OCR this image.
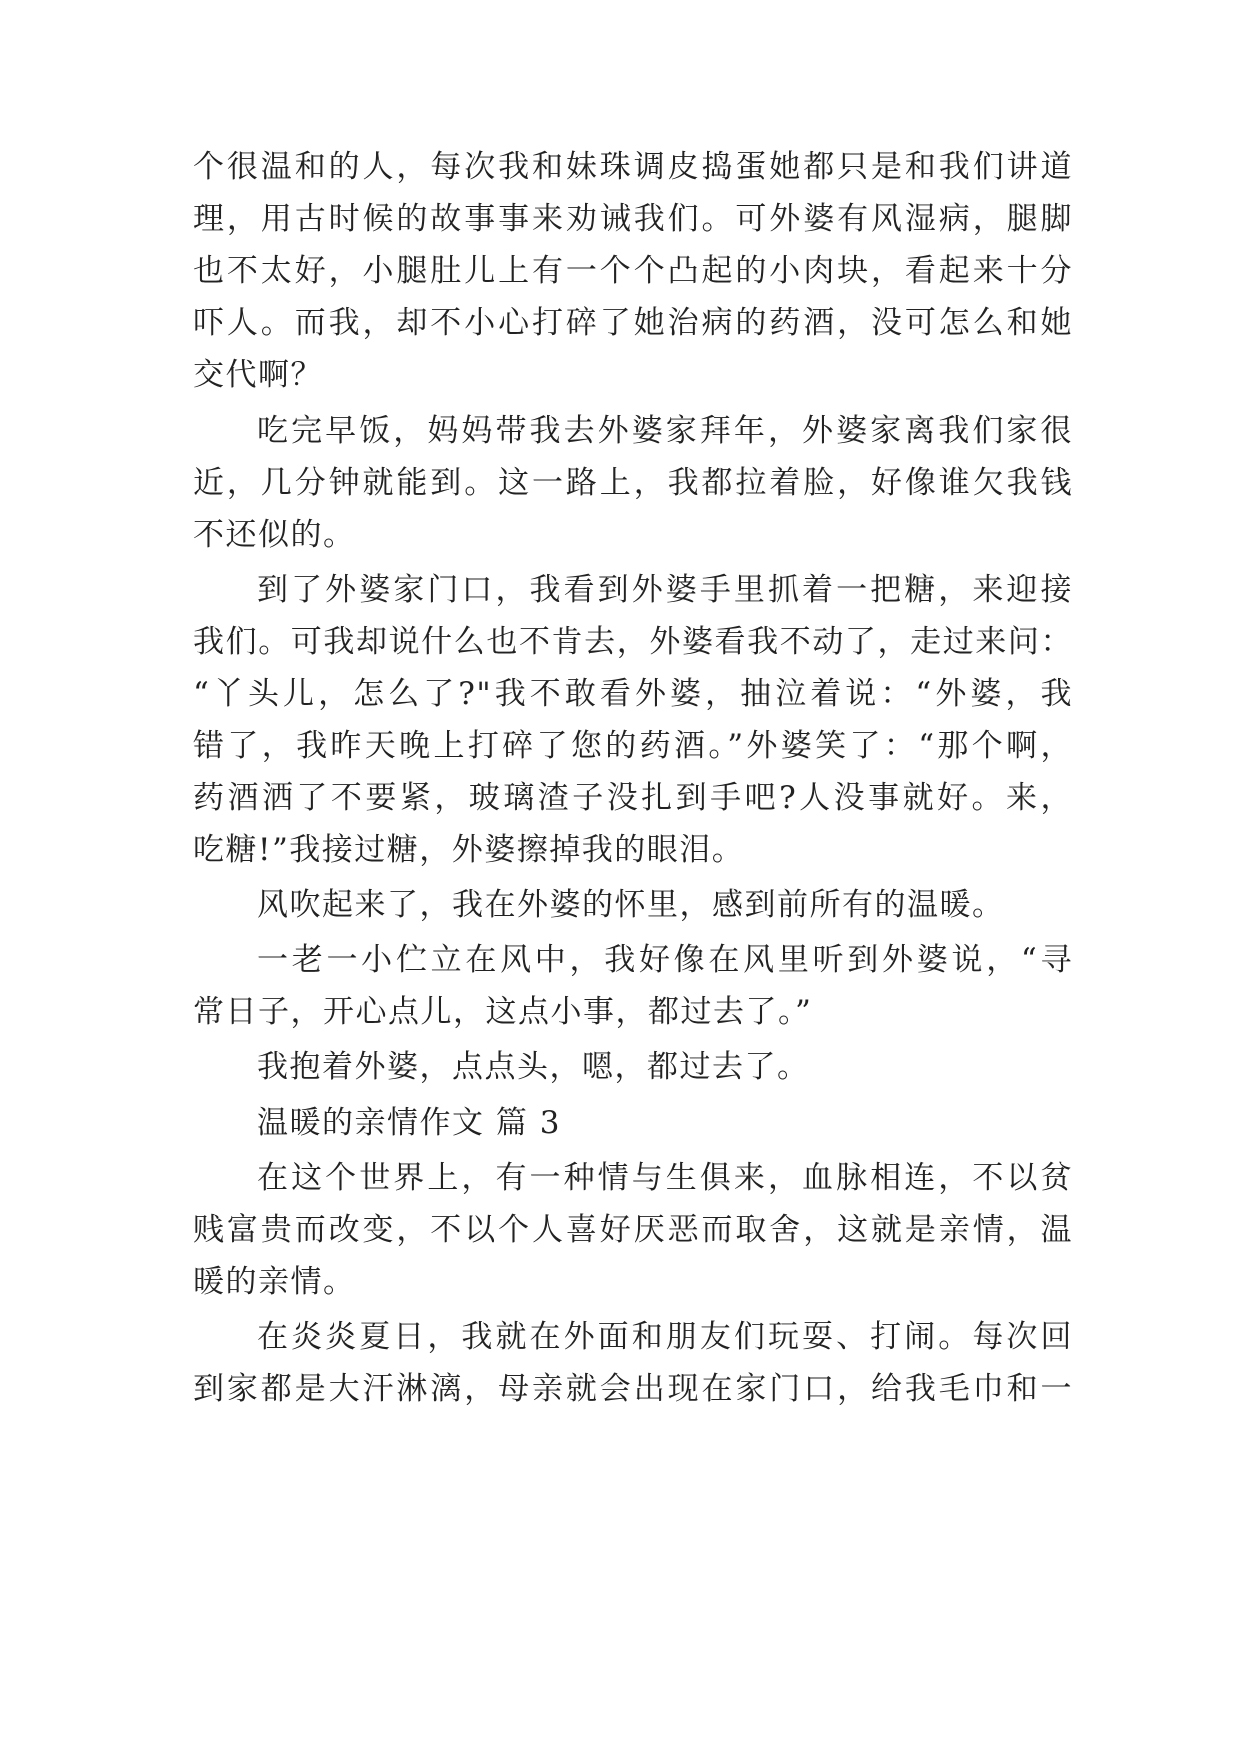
个很温和的人，每次我和妹珠调皮捣蛋她都只是和我们讲道
理，用古时候的故事事来劝诫我们。可外婆有风湿病，腿脚
也不太好，小腿肚儿上有一个个凸起的小肉块，看起来十分
吓人。而我，却不小心打碎了她治病的药酒，没可怎么和她
交代啊？
吃完早饭，妈妈带我去外婆家拜年，外婆家离我们家很
近，几分钟就能到。这一路上，我都拉着脸，好像谁欠我钱
不还似的。
到了外婆家门口，我看到外婆手里抓着一把糖，来迎接
我们。可我却说什么也不肯去，外婆看我不动了，走过来问：
“丫头儿，怎么了?"我不敢看外婆，抽泣着说：“外婆，我
错了，我昨天晚上打碎了您的药酒。”外婆笑了：“那个啊，
药酒洒了不要紧，玻璃渣子没扎到手吧?人没事就好。来，
吃糖!”我接过糖，外婆擦掉我的眼泪。
风吹起来了，我在外婆的怀里，感到前所有的温暖。
一老一小伫立在风中，我好像在风里听到外婆说，“寻
常日子，开心点儿，这点小事，都过去了。”
我抱着外婆，点点头，嗯，都过去了。
温暖的亲情作文 篇 3
在这个世界上，有一种情与生俱来，血脉相连，不以贫
贱富贵而改变，不以个人喜好厌恶而取舍，这就是亲情，温
暖的亲情。
在炎炎夏日，我就在外面和朋友们玩耍、打闹。每次回
到家都是大汗淋漓，母亲就会出现在家门口，给我毛巾和一
